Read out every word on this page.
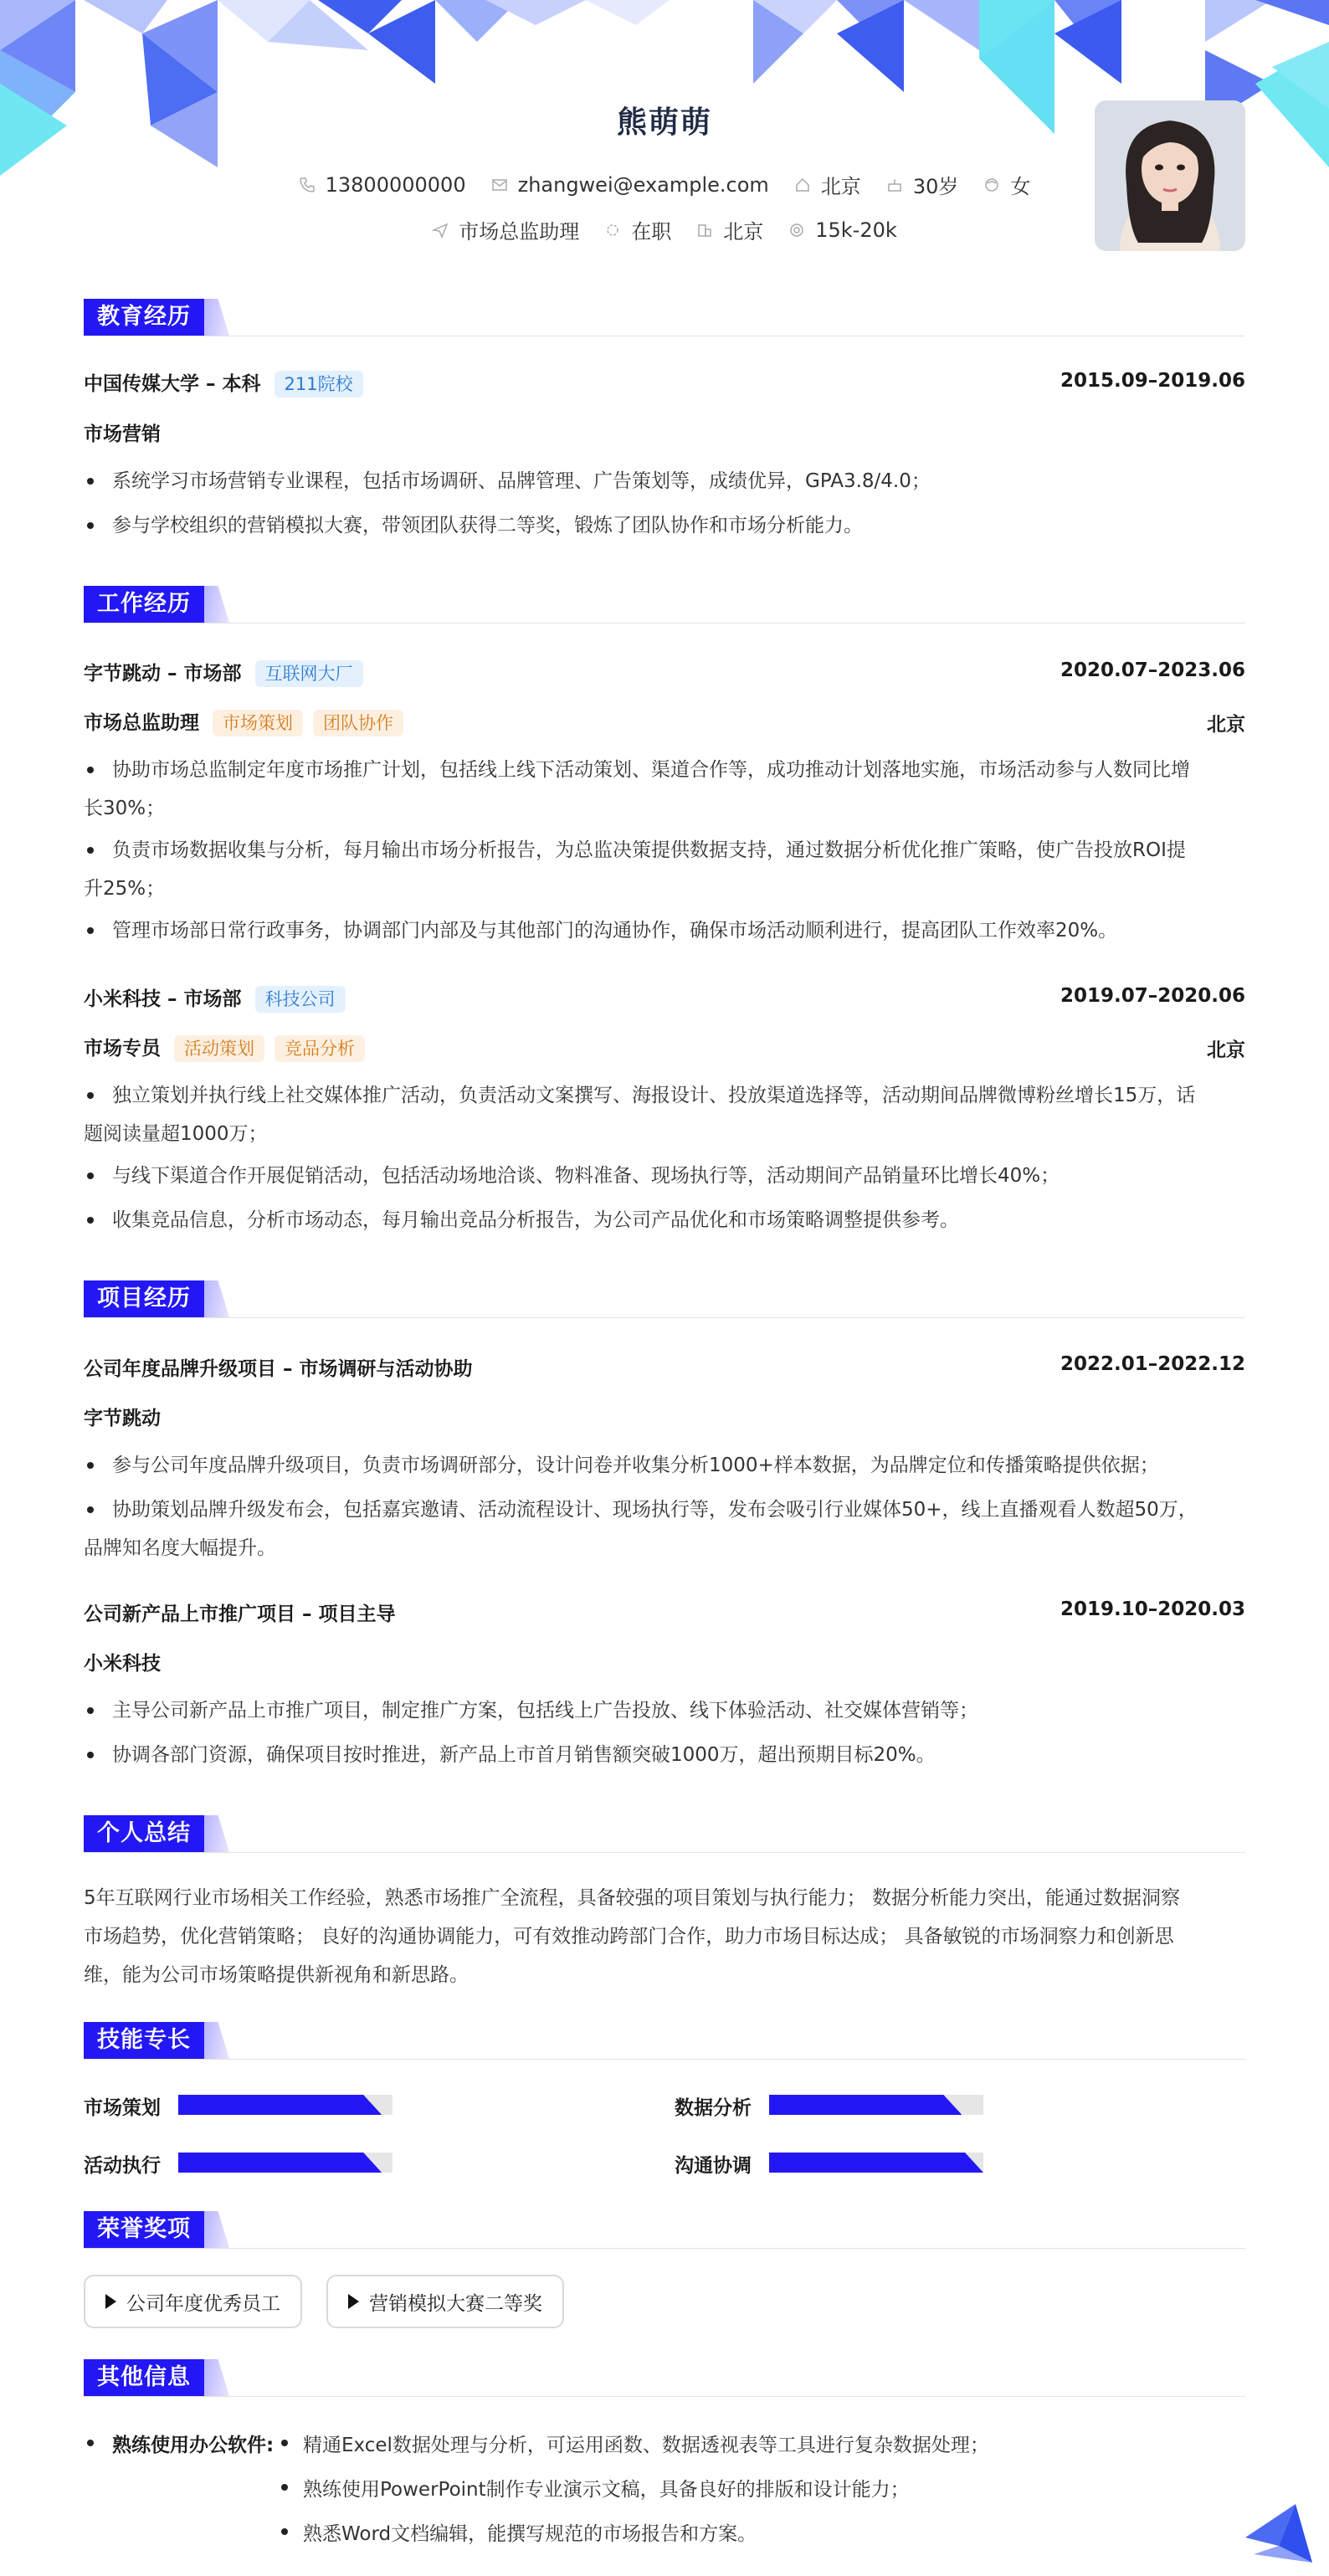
熊萌萌
13800000000	zhangwei@example.com	北京	30岁	女
市场总监助理	在职	北京	15k-20k
教育经历
中国传媒大学 – 本科 211院校	2015.09–2019.06
市场营销
系统学习市场营销专业课程，包括市场调研、品牌管理、广告策划等，成绩优异，GPA3.8/4.0；
参与学校组织的营销模拟大赛，带领团队获得二等奖，锻炼了团队协作和市场分析能力。
工作经历
字节跳动 – 市场部 互联网大厂	2020.07–2023.06
市场总监助理 市场策划 团队协作	北京
协助市场总监制定年度市场推广计划，包括线上线下活动策划、渠道合作等，成功推动计划落地实施，市场活动参与人数同比增
长30%；
负责市场数据收集与分析，每月输出市场分析报告，为总监决策提供数据支持，通过数据分析优化推广策略，使广告投放ROI提
升25%；
管理市场部日常行政事务，协调部门内部及与其他部门的沟通协作，确保市场活动顺利进行，提高团队工作效率20%。
小米科技 – 市场部 科技公司	2019.07–2020.06
市场专员 活动策划 竞品分析	北京
独立策划并执行线上社交媒体推广活动，负责活动文案撰写、海报设计、投放渠道选择等，活动期间品牌微博粉丝增长15万，话
题阅读量超1000万；
与线下渠道合作开展促销活动，包括活动场地洽谈、物料准备、现场执行等，活动期间产品销量环比增长40%；
收集竞品信息，分析市场动态，每月输出竞品分析报告，为公司产品优化和市场策略调整提供参考。
项目经历
公司年度品牌升级项目 – 市场调研与活动协助	2022.01–2022.12
字节跳动
参与公司年度品牌升级项目，负责市场调研部分，设计问卷并收集分析1000+样本数据，为品牌定位和传播策略提供依据；
协助策划品牌升级发布会，包括嘉宾邀请、活动流程设计、现场执行等，发布会吸引行业媒体50+，线上直播观看人数超50万，
品牌知名度大幅提升。
公司新产品上市推广项目 – 项目主导	2019.10–2020.03
小米科技
主导公司新产品上市推广项目，制定推广方案，包括线上广告投放、线下体验活动、社交媒体营销等；
协调各部门资源，确保项目按时推进，新产品上市首月销售额突破1000万，超出预期目标20%。
个人总结
5年互联网行业市场相关工作经验，熟悉市场推广全流程，具备较强的项目策划与执行能力； 数据分析能力突出，能通过数据洞察
市场趋势，优化营销策略； 良好的沟通协调能力，可有效推动跨部门合作，助力市场目标达成； 具备敏锐的市场洞察力和创新思
维，能为公司市场策略提供新视角和新思路。
技能专长
市场策划	数据分析
活动执行	沟通协调
荣誉奖项
公司年度优秀员工	营销模拟大赛二等奖
其他信息
熟练使用办公软件:	精通Excel数据处理与分析，可运用函数、数据透视表等工具进行复杂数据处理；
熟练使用PowerPoint制作专业演示文稿，具备良好的排版和设计能力；
熟悉Word文档编辑，能撰写规范的市场报告和方案。
